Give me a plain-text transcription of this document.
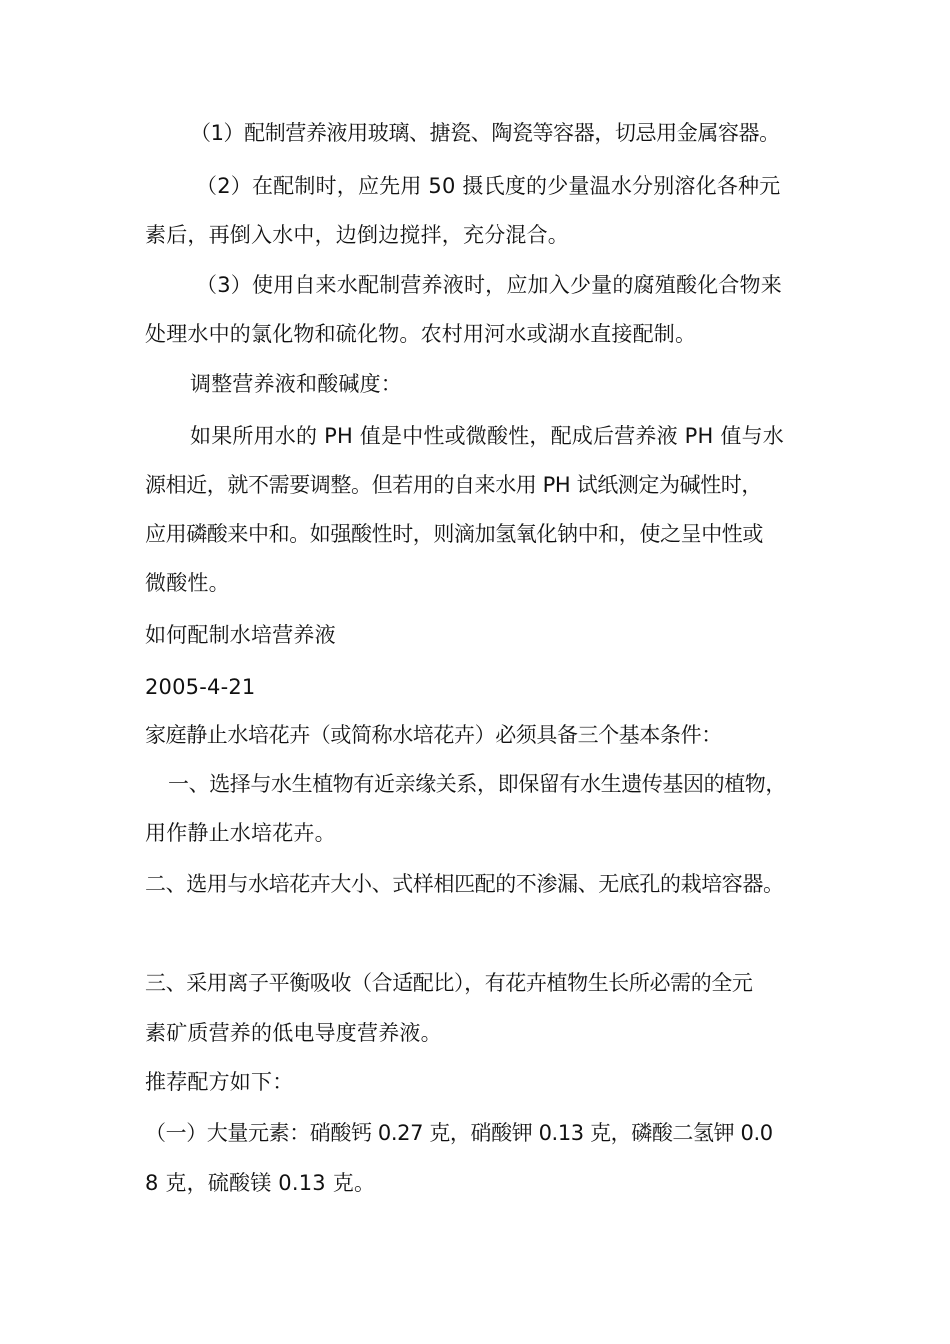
（1）配制营养液用玻璃、搪瓷、陶瓷等容器，切忌用金属容器。
（2）在配制时，应先用 50 摄氏度的少量温水分别溶化各种元
素后，再倒入水中，边倒边搅拌，充分混合。
（3）使用自来水配制营养液时，应加入少量的腐殖酸化合物来
处理水中的氯化物和硫化物。农村用河水或湖水直接配制。
调整营养液和酸碱度：
如果所用水的 PH 值是中性或微酸性，配成后营养液 PH 值与水
源相近，就不需要调整。但若用的自来水用 PH 试纸测定为碱性时，
应用磷酸来中和。如强酸性时，则滴加氢氧化钠中和，使之呈中性或
微酸性。
如何配制水培营养液
2005-4-21
家庭静止水培花卉（或简称水培花卉）必须具备三个基本条件：
一、选择与水生植物有近亲缘关系，即保留有水生遗传基因的植物，
用作静止水培花卉。
二、选用与水培花卉大小、式样相匹配的不渗漏、无底孔的栽培容器。
三、采用离子平衡吸收（合适配比），有花卉植物生长所必需的全元
素矿质营养的低电导度营养液。
推荐配方如下：
（一）大量元素：硝酸钙 0.27 克，硝酸钾 0.13 克，磷酸二氢钾 0.0
8 克，硫酸镁 0.13 克。
